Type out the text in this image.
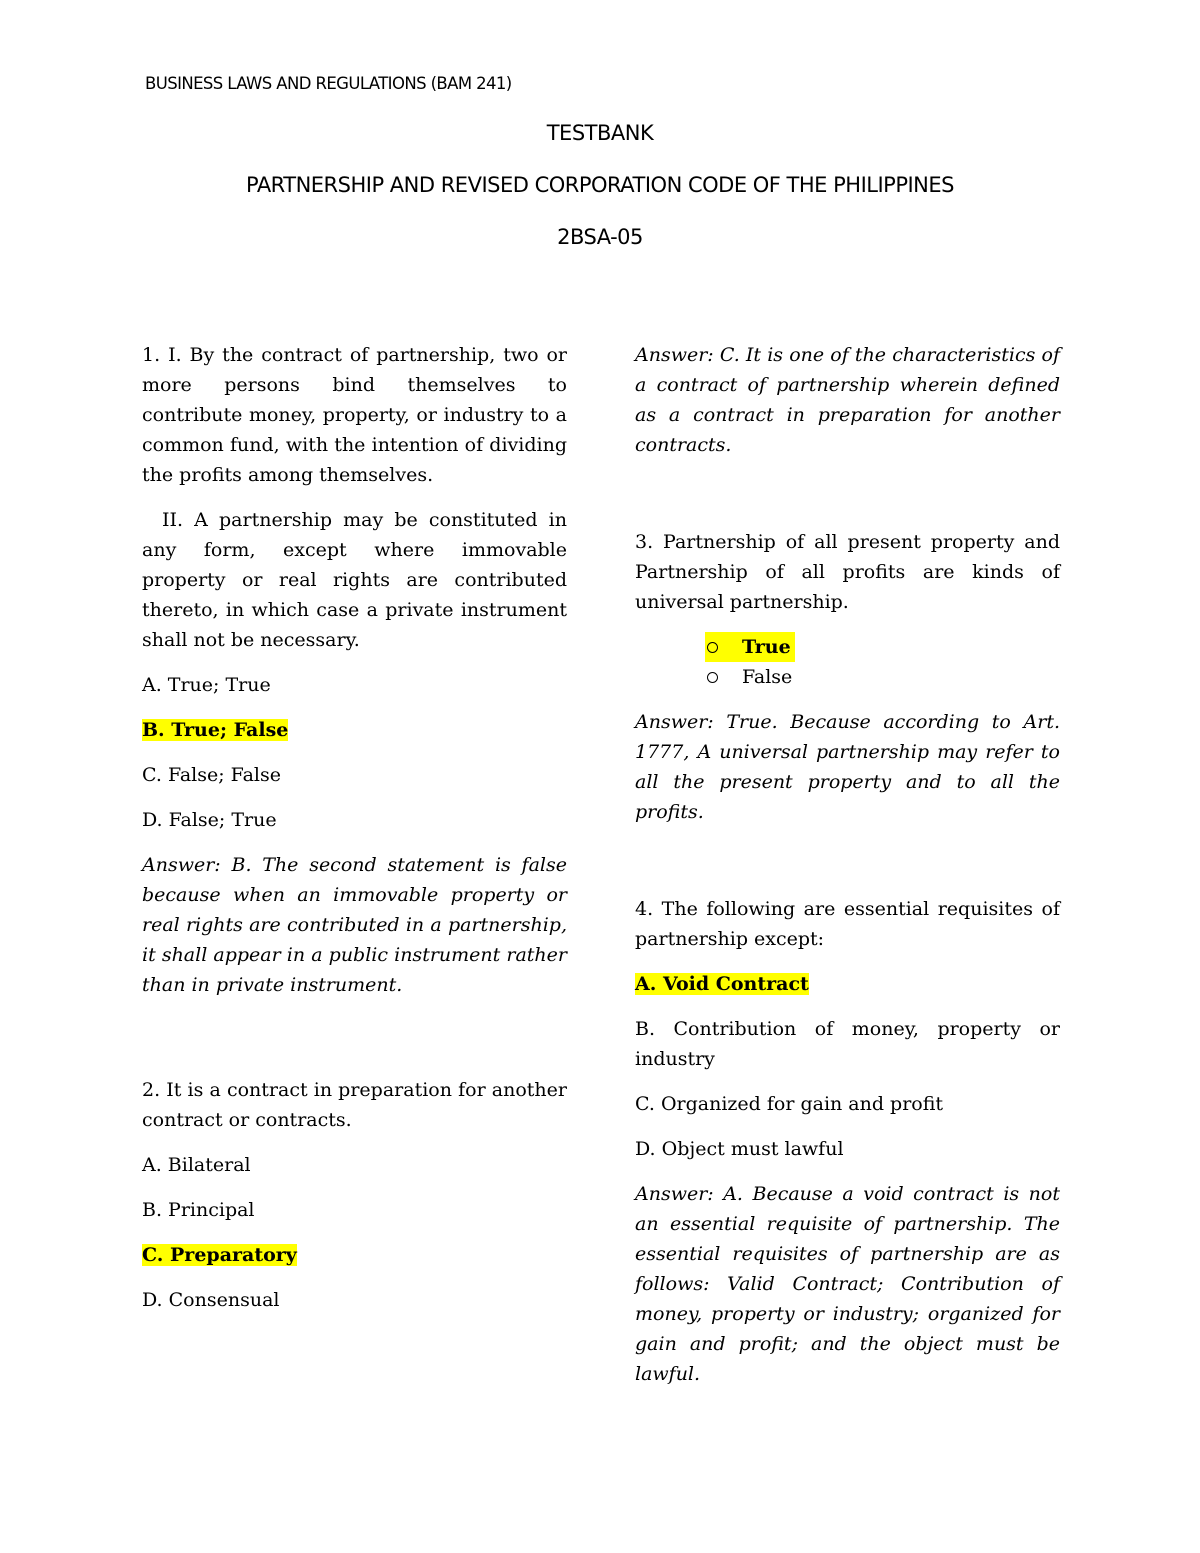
BUSINESS LAWS AND REGULATIONS (BAM 241)
TESTBANK
PARTNERSHIP AND REVISED CORPORATION CODE OF THE PHILIPPINES
2BSA-05

1. I. By the contract of partnership, two or more persons bind themselves to contribute money, property, or industry to a common fund, with the intention of dividing the profits among themselves.

II. A partnership may be constituted in any form, except where immovable property or real rights are contributed thereto, in which case a private instrument shall not be necessary.

A. True; True

B. True; False

C. False; False

D. False; True

Answer: B. The second statement is false because when an immovable property or real rights are contributed in a partnership, it shall appear in a public instrument rather than in private instrument.

2. It is a contract in preparation for another contract or contracts.

A. Bilateral

B. Principal

C. Preparatory

D. Consensual

Answer: C. It is one of the characteristics of a contract of partnership wherein defined as a contract in preparation for another contracts.

3. Partnership of all present property and Partnership of all profits are kinds of universal partnership.

True
False

Answer: True. Because according to Art. 1777, A universal partnership may refer to all the present property and to all the profits.

4. The following are essential requisites of partnership except:

A. Void Contract

B. Contribution of money, property or industry

C. Organized for gain and profit

D. Object must lawful

Answer: A. Because a void contract is not an essential requisite of partnership. The essential requisites of partnership are as follows: Valid Contract; Contribution of money, property or industry; organized for gain and profit; and the object must be lawful.
